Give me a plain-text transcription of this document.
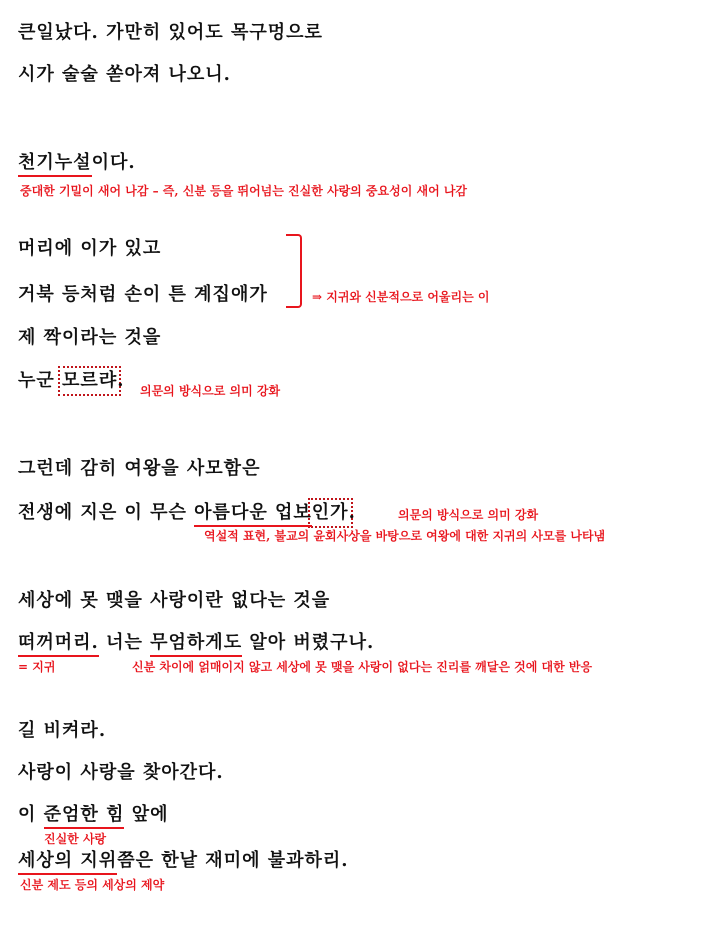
큰일났다. 가만히 있어도 목구멍으로
시가 술술 쏟아져 나오니.
천기누설이다.
중대한 기밀이 새어 나감 – 즉, 신분 등을 뛰어넘는 진실한 사랑의 중요성이 새어 나감
머리에 이가 있고
거북 등처럼 손이 튼 계집애가	⇒ 지귀와 신분적으로 어울리는 이
제 짝이라는 것을
누군 모르랴. 의문의 방식으로 의미 강화
그런데 감히 여왕을 사모함은
전생에 지은 이 무슨 아름다운 업보인가.	의문의 방식으로 의미 강화
역설적 표현, 불교의 윤회사상을 바탕으로 여왕에 대한 지귀의 사모를 나타냄
세상에 못 맺을 사랑이란 없다는 것을
떠꺼머리. 너는 무엄하게도 알아 버렸구나.
= 지귀	신분 차이에 얽매이지 않고 세상에 못 맺을 사랑이 없다는 진리를 깨달은 것에 대한 반응
길 비켜라.
사랑이 사랑을 찾아간다.
이 준엄한 힘 앞에
진실한 사랑
세상의 지위쯤은 한낱 재미에 불과하리.
신분 제도 등의 세상의 제약
